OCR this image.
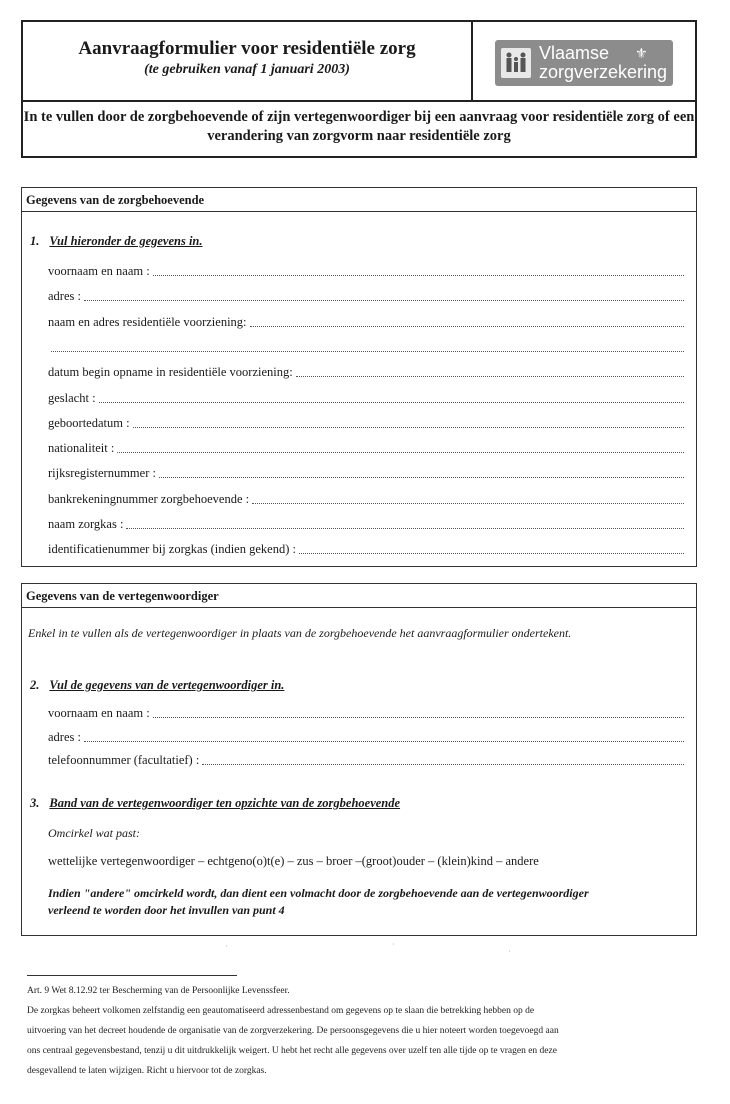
Aanvraagformulier voor residentiële zorg
(te gebruiken vanaf 1 januari 2003)
Vlaamse ⚜
zorgverzekering
In te vullen door de zorgbehoevende of zijn vertegenwoordiger bij een aanvraag voor residentiële zorg of een verandering van zorgvorm naar residentiële zorg
Gegevens van de zorgbehoevende
1. Vul hieronder de gegevens in.
voornaam en naam :
adres :
naam en adres residentiële voorziening:
datum begin opname in residentiële voorziening:
geslacht :
geboortedatum :
nationaliteit :
rijksregisternummer :
bankrekeningnummer zorgbehoevende :
naam zorgkas :
identificatienummer bij zorgkas (indien gekend) :
Gegevens van de vertegenwoordiger
Enkel in te vullen als de vertegenwoordiger in plaats van de zorgbehoevende het aanvraagformulier ondertekent.
2. Vul de gegevens van de vertegenwoordiger in.
voornaam en naam :
adres :
telefoonnummer (facultatief) :
3. Band van de vertegenwoordiger ten opzichte van de zorgbehoevende
Omcirkel wat past:
wettelijke vertegenwoordiger – echtgeno(o)t(e) – zus – broer –(groot)ouder – (klein)kind – andere
Indien "andere" omcirkeld wordt, dan dient een volmacht door de zorgbehoevende aan de vertegenwoordiger verleend te worden door het invullen van punt 4
·	·
·
Art. 9 Wet 8.12.92 ter Bescherming van de Persoonlijke Levenssfeer.
De zorgkas beheert volkomen zelfstandig een geautomatiseerd adressenbestand om gegevens op te slaan die betrekking hebben op de
uitvoering van het decreet houdende de organisatie van de zorgverzekering. De persoonsgegevens die u hier noteert worden toegevoegd aan
ons centraal gegevensbestand, tenzij u dit uitdrukkelijk weigert. U hebt het recht alle gegevens over uzelf ten alle tijde op te vragen en deze
desgevallend te laten wijzigen. Richt u hiervoor tot de zorgkas.
